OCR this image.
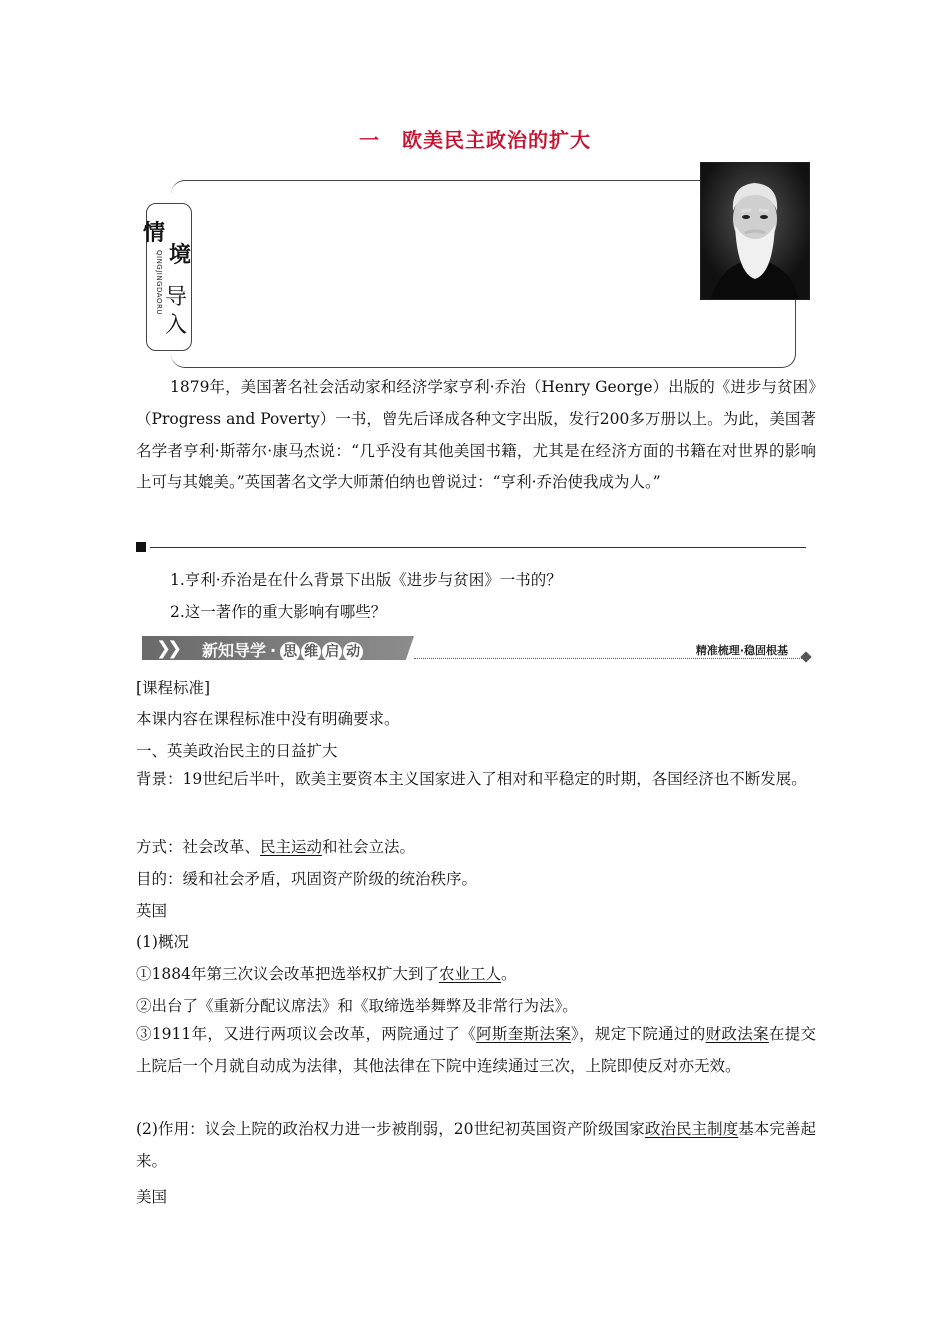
一 欧美民主政治的扩大
情
境
QINGJINGDAORU 导
入
1879年，美国著名社会活动家和经济学家亨利·乔治（Henry George）出版的《进步与贫困》（Progress and Poverty）一书，曾先后译成各种文字出版，发行200多万册以上。为此，美国著名学者亨利·斯蒂尔·康马杰说：“几乎没有其他美国书籍，尤其是在经济方面的书籍在对世界的影响上可与其媲美。”英国著名文学大师萧伯纳也曾说过：“亨利·乔治使我成为人。”
1.亨利·乔治是在什么背景下出版《进步与贫困》一书的？
2.这一著作的重大影响有哪些？
❯❯ 新知导学 · 思 维 启 动	精准梳理·稳固根基
[课程标准]
本课内容在课程标准中没有明确要求。
一、英美政治民主的日益扩大
背景：19世纪后半叶，欧美主要资本主义国家进入了相对和平稳定的时期，各国经济也不断发展。
方式：社会改革、民主运动和社会立法。
目的：缓和社会矛盾，巩固资产阶级的统治秩序。
英国
(1)概况
①1884年第三次议会改革把选举权扩大到了农业工人。
②出台了《重新分配议席法》和《取缔选举舞弊及非常行为法》。
③1911年，又进行两项议会改革，两院通过了《阿斯奎斯法案》，规定下院通过的财政法案在提交上院后一个月就自动成为法律，其他法律在下院中连续通过三次，上院即使反对亦无效。
(2)作用：议会上院的政治权力进一步被削弱，20世纪初英国资产阶级国家政治民主制度基本完善起来。
美国
